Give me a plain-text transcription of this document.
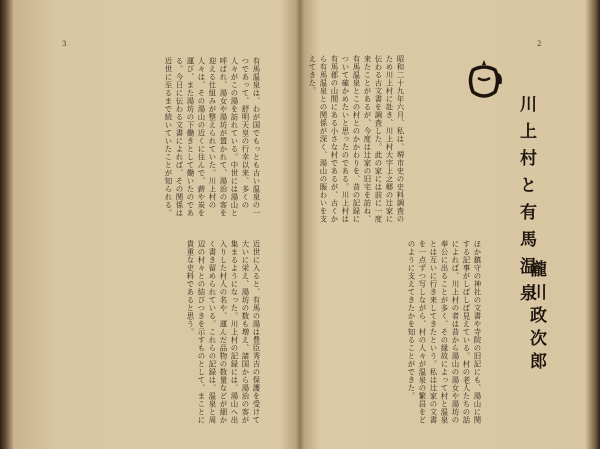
3
有馬温泉は、わが国でもっとも古い温泉の一つであって、舒明天皇の行幸以来、多くの人々がこの湯を訪れている。中世には湯山と呼ばれ、湯女や湯坊が置かれて、湯治の客を迎える仕組みが整えられていた。川上村の人々は、その湯山の近くに住んで、薪や炭を運び、また湯坊の下働きとして働いたのである。今日に伝わる文書によれば、その関係は近世に至るまで続いていたことが知られる。
近世に入ると、有馬の湯は豊臣秀吉の保護を受けて大いに栄え、湯坊の数も増え、諸国から湯治の客が集まるようになった。川上村の記録には、湯山へ出入りした村人の名や、運んだ品物の数量などが細かく書き留められている。これらの記録は、温泉と周辺の村々との結びつきを示すものとして、まことに貴重な史料であると思う。
2
川上村と有馬温泉
瀧川政次郎
昭和二十九年六月、私は、堺市史の史料調査のため川上村に赴き、川上村大字上之郷の辻家に伝わる古文書を調査した。此の家には前に一度来たことがあるが、今度は辻家の旧宅を訪ね、有馬温泉とこの村とのかかわりを、昔の記録について確かめたいと思ったのである。川上村は有馬郡の山間にある小さな村であるが、古くから有馬温泉との関係が深く、湯山の賑わいを支えてきた。
ほか鎮守の神社の文書や寺院の旧記にも、湯山に関する記事がしばしば見えている。村の老人たちの話によれば、川上村の者は昔から湯山の湯女や湯坊の奉公に出ることが多く、その縁故によって村と温泉とは互いに行き来してきたという。私は辻家の文書を一点ずつ写しながら、村の人々が温泉の繁昌をどのように支えてきたかを知ることができた。
